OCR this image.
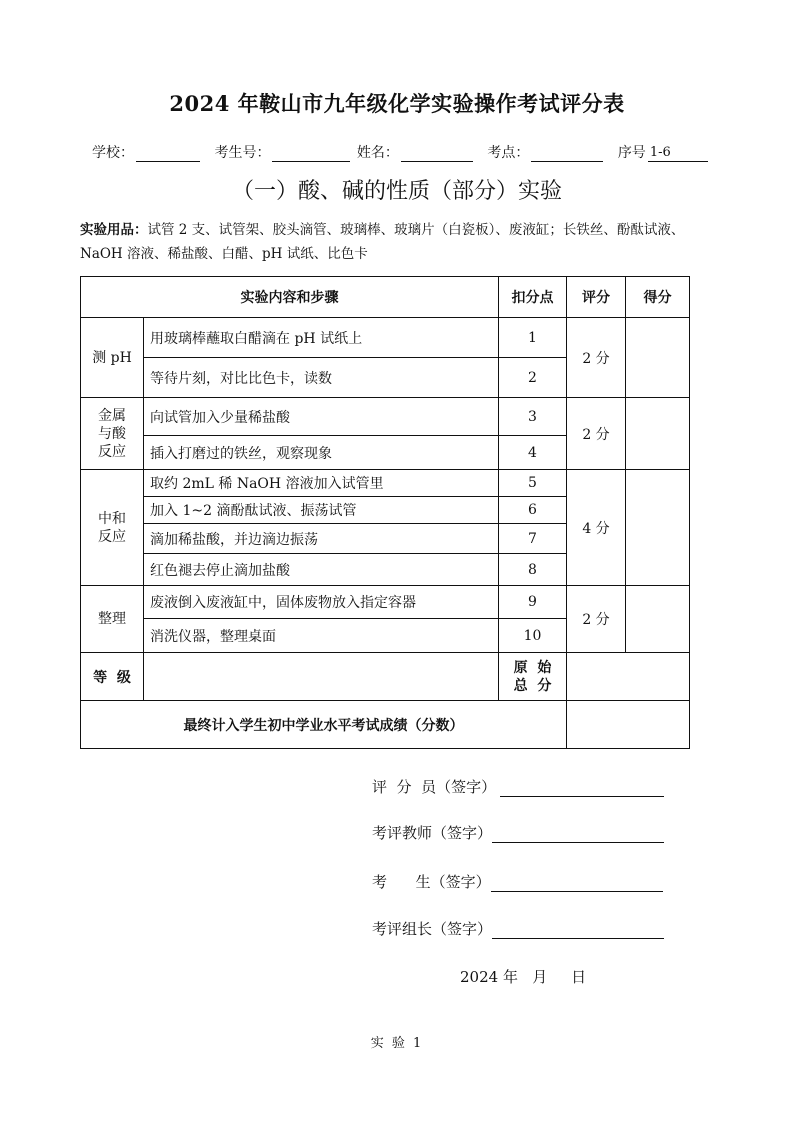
2024 年鞍山市九年级化学实验操作考试评分表
学校：	考生号：	姓名：	考点：	序号 1-6
（一）酸、碱的性质（部分）实验
实验用品：试管 2 支、试管架、胶头滴管、玻璃棒、玻璃片（白瓷板）、废液缸；长铁丝、酚酞试液、NaOH 溶液、稀盐酸、白醋、pH 试纸、比色卡
实验内容和步骤		扣分点	评分	得分
测 pH	用玻璃棒蘸取白醋滴在 pH 试纸上	1	2 分	
	等待片刻，对比比色卡，读数	2		

金属
与酸
反应	向试管加入少量稀盐酸	3	2 分	
	插入打磨过的铁丝，观察现象	4		

中和
反应	取约 2mL 稀 NaOH 溶液加入试管里	5	4 分	
	加入 1~2 滴酚酞试液、振荡试管	6		
	滴加稀盐酸，并边滴边振荡	7		
	红色褪去停止滴加盐酸	8		
整理	废液倒入废液缸中，固体废物放入指定容器	9	2 分	
	消洗仪器，整理桌面	10		
等  级		原  始
总  分		

最终计入学生初中学业水平考试成绩（分数）				
评  分  员（签字）
考评教师（签字）
考      生（签字）
考评组长（签字）
2024 年   月     日
实 验 1
